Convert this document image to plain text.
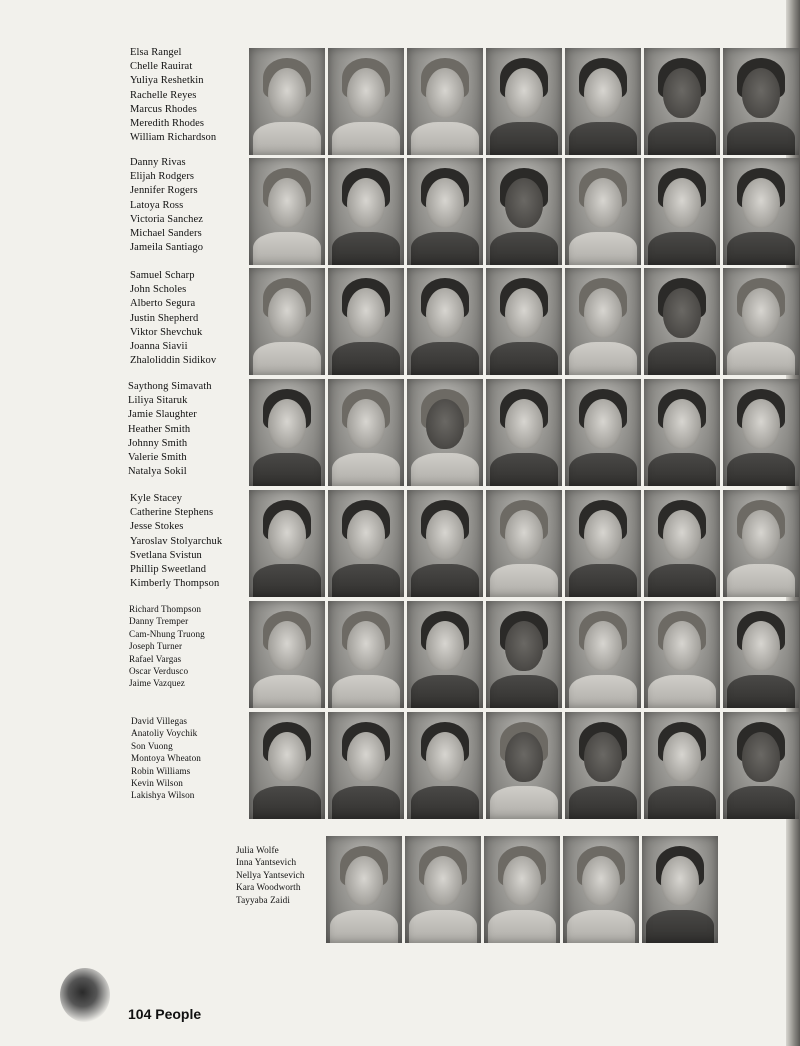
Elsa Rangel
Chelle Rauirat
Yuliya Reshetkin
Rachelle Reyes
Marcus Rhodes
Meredith Rhodes
William Richardson
Danny Rivas
Elijah Rodgers
Jennifer Rogers
Latoya Ross
Victoria Sanchez
Michael Sanders
Jameila Santiago
Samuel Scharp
John Scholes
Alberto Segura
Justin Shepherd
Viktor Shevchuk
Joanna Siavii
Zhaloliddin Sidikov
Saythong Simavath
Liliya Sitaruk
Jamie Slaughter
Heather Smith
Johnny Smith
Valerie Smith
Natalya Sokil
Kyle Stacey
Catherine Stephens
Jesse Stokes
Yaroslav Stolyarchuk
Svetlana Svistun
Phillip Sweetland
Kimberly Thompson
Richard Thompson
Danny Tremper
Cam-Nhung Truong
Joseph Turner
Rafael Vargas
Oscar Verdusco
Jaime Vazquez
David Villegas
Anatoliy Voychik
Son Vuong
Montoya Wheaton
Robin Williams
Kevin Wilson
Lakishya Wilson
Julia Wolfe
Inna Yantsevich
Nellya Yantsevich
Kara Woodworth
Tayyaba Zaidi
104 People
